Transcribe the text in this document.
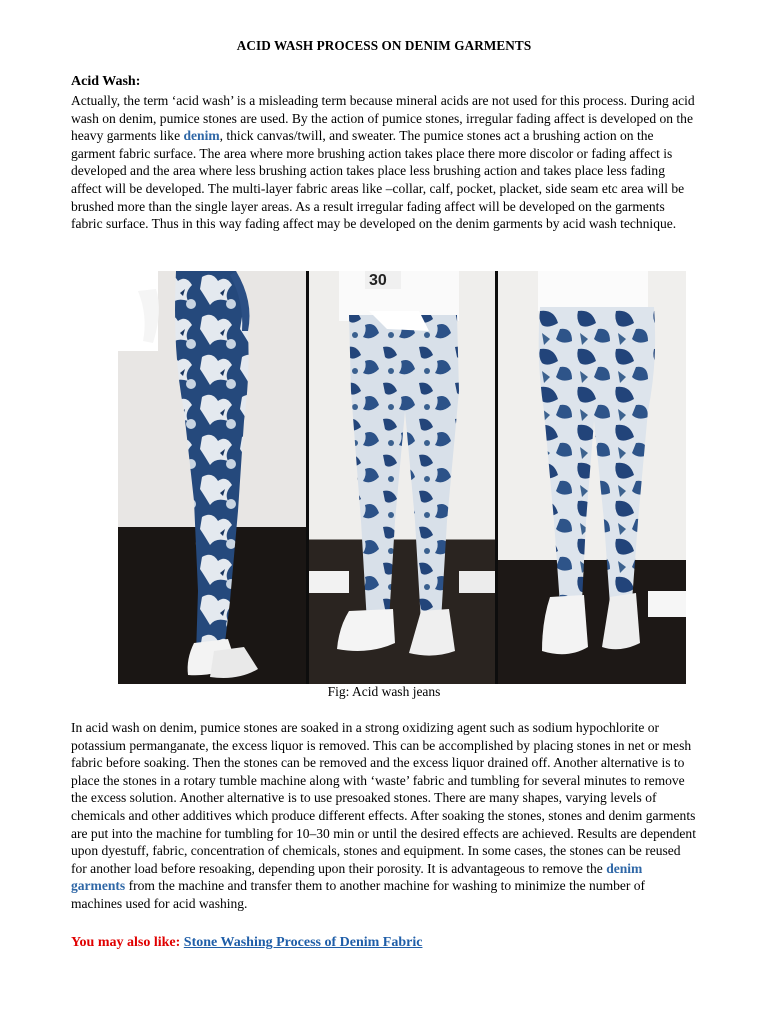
ACID WASH PROCESS ON DENIM GARMENTS

Acid Wash:

Actually, the term ‘acid wash’ is a misleading term because mineral acids are not used for this process. During acid wash on denim, pumice stones are used. By the action of pumice stones, irregular fading affect is developed on the heavy garments like denim, thick canvas/twill, and sweater. The pumice stones act a brushing action on the garment fabric surface. The area where more brushing action takes place there more discolor or fading affect is developed and the area where less brushing action takes place less brushing action and takes place less fading affect will be developed. The multi-layer fabric areas like –collar, calf, pocket, placket, side seam etc area will be brushed more than the single layer areas. As a result irregular fading affect will be developed on the garments fabric surface. Thus in this way fading affect may be developed on the denim garments by acid wash technique.

In acid wash on denim, pumice stones are soaked in a strong oxidizing agent such as sodium hypochlorite or potassium permanganate, the excess liquor is removed. This can be accomplished by placing stones in net or mesh fabric before soaking. Then the stones can be removed and the excess liquor drained off. Another alternative is to place the stones in a rotary tumble machine along with ‘waste’ fabric and tumbling for several minutes to remove the excess solution. Another alternative is to use presoaked stones. There are many shapes, varying levels of chemicals and other additives which produce different effects. After soaking the stones, stones and denim garments are put into the machine for tumbling for 10–30 min or until the desired effects are achieved. Results are dependent upon dyestuff, fabric, concentration of chemicals, stones and equipment. In some cases, the stones can be reused for another load before resoaking, depending upon their porosity. It is advantageous to remove the denim garments from the machine and transfer them to another machine for washing to minimize the number of machines used for acid washing.

30

Fig: Acid wash jeans

You may also like: Stone Washing Process of Denim Fabric
